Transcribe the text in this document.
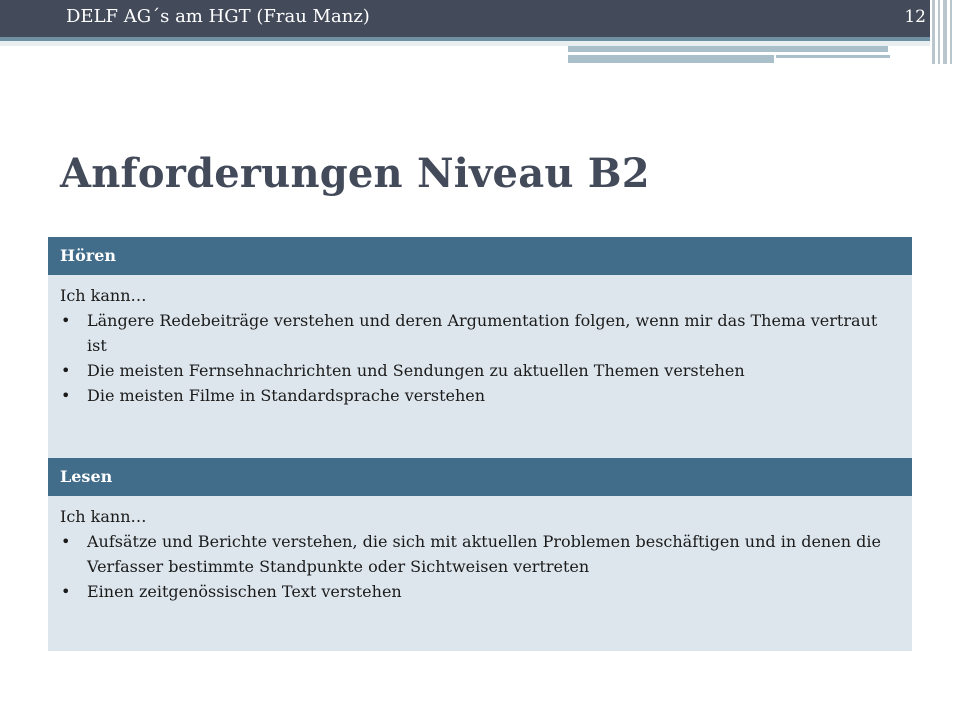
DELF AG´s am HGT (Frau Manz)	12
Anforderungen Niveau B2
Hören

Ich kann…

• Längere Redebeiträge verstehen und deren Argumentation folgen, wenn mir das Thema vertraut ist
• Die meisten Fernsehnachrichten und Sendungen zu aktuellen Themen verstehen
• Die meisten Filme in Standardsprache verstehen
Lesen

Ich kann…

• Aufsätze und Berichte verstehen, die sich mit aktuellen Problemen beschäftigen und in denen die Verfasser bestimmte Standpunkte oder Sichtweisen vertreten
• Einen zeitgenössischen Text verstehen
